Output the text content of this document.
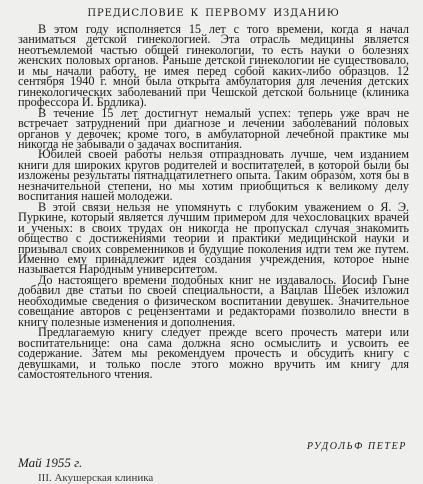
ПРЕДИСЛОВИЕ К ПЕРВОМУ ИЗДАНИЮ

В этом году исполняется 15 лет с того времени, когда я начал заниматься детской гинекологией. Эта отрасль медицины является неотъемлемой частью общей гинекологии, то есть науки о болезнях женских половых органов. Раньше детской гинекологии не существовало, и мы начали работу, не имея перед собой каких-либо образцов. 12 сентября 1940 г. мной была открыта амбулатория для лечения детских гинекологических заболеваний при Чешской детской больнице (клиника профессора И. Брдлика).

В течение 15 лет достигнут немалый успех: теперь уже врач не встречает затруднений при диагнозе и лечении заболеваний половых органов у девочек; кроме того, в амбулаторной лечебной практике мы никогда не забывали о задачах воспитания.

Юбилей своей работы нельзя отпраздновать лучше, чем изданием книги для широких кругов родителей и воспитателей, в которой были бы изложены результаты пятнадцатилетнего опыта. Таким образом, хотя бы в незначительной степени, но мы хотим приобщиться к великому делу воспитания нашей молодежи.

В этой связи нельзя не упомянуть с глубоким уважением о Я. Э. Пуркине, который является лучшим примером для чехословацких врачей и ученых: в своих трудах он никогда не пропускал случая знакомить общество с достижениями теории и практики медицинской науки и призывал своих современников и будущие поколения идти тем же путем. Именно ему принадлежит идея создания учреждения, которое ныне называется Народным университетом.

До настоящего времени подобных книг не издавалось. Иосиф Гыне добавил две статьи по своей специальности, а Вацлав Шебек изложил необходимые сведения о физическом воспитании девушек. Значительное совещание авторов с рецензентами и редакторами позволило внести в книгу полезные изменения и дополнения.

Предлагаемую книгу следует прежде всего прочесть матери или воспитательнице: она сама должна ясно осмыслить и усвоить ее содержание. Затем мы рекомендуем прочесть и обсудить книгу с девушками, и только после этого можно вручить им книгу для самостоятельного чтения.

Май 1955 г.
РУДОЛЬФ ПЕТЕР
III. Акушерская клиника
